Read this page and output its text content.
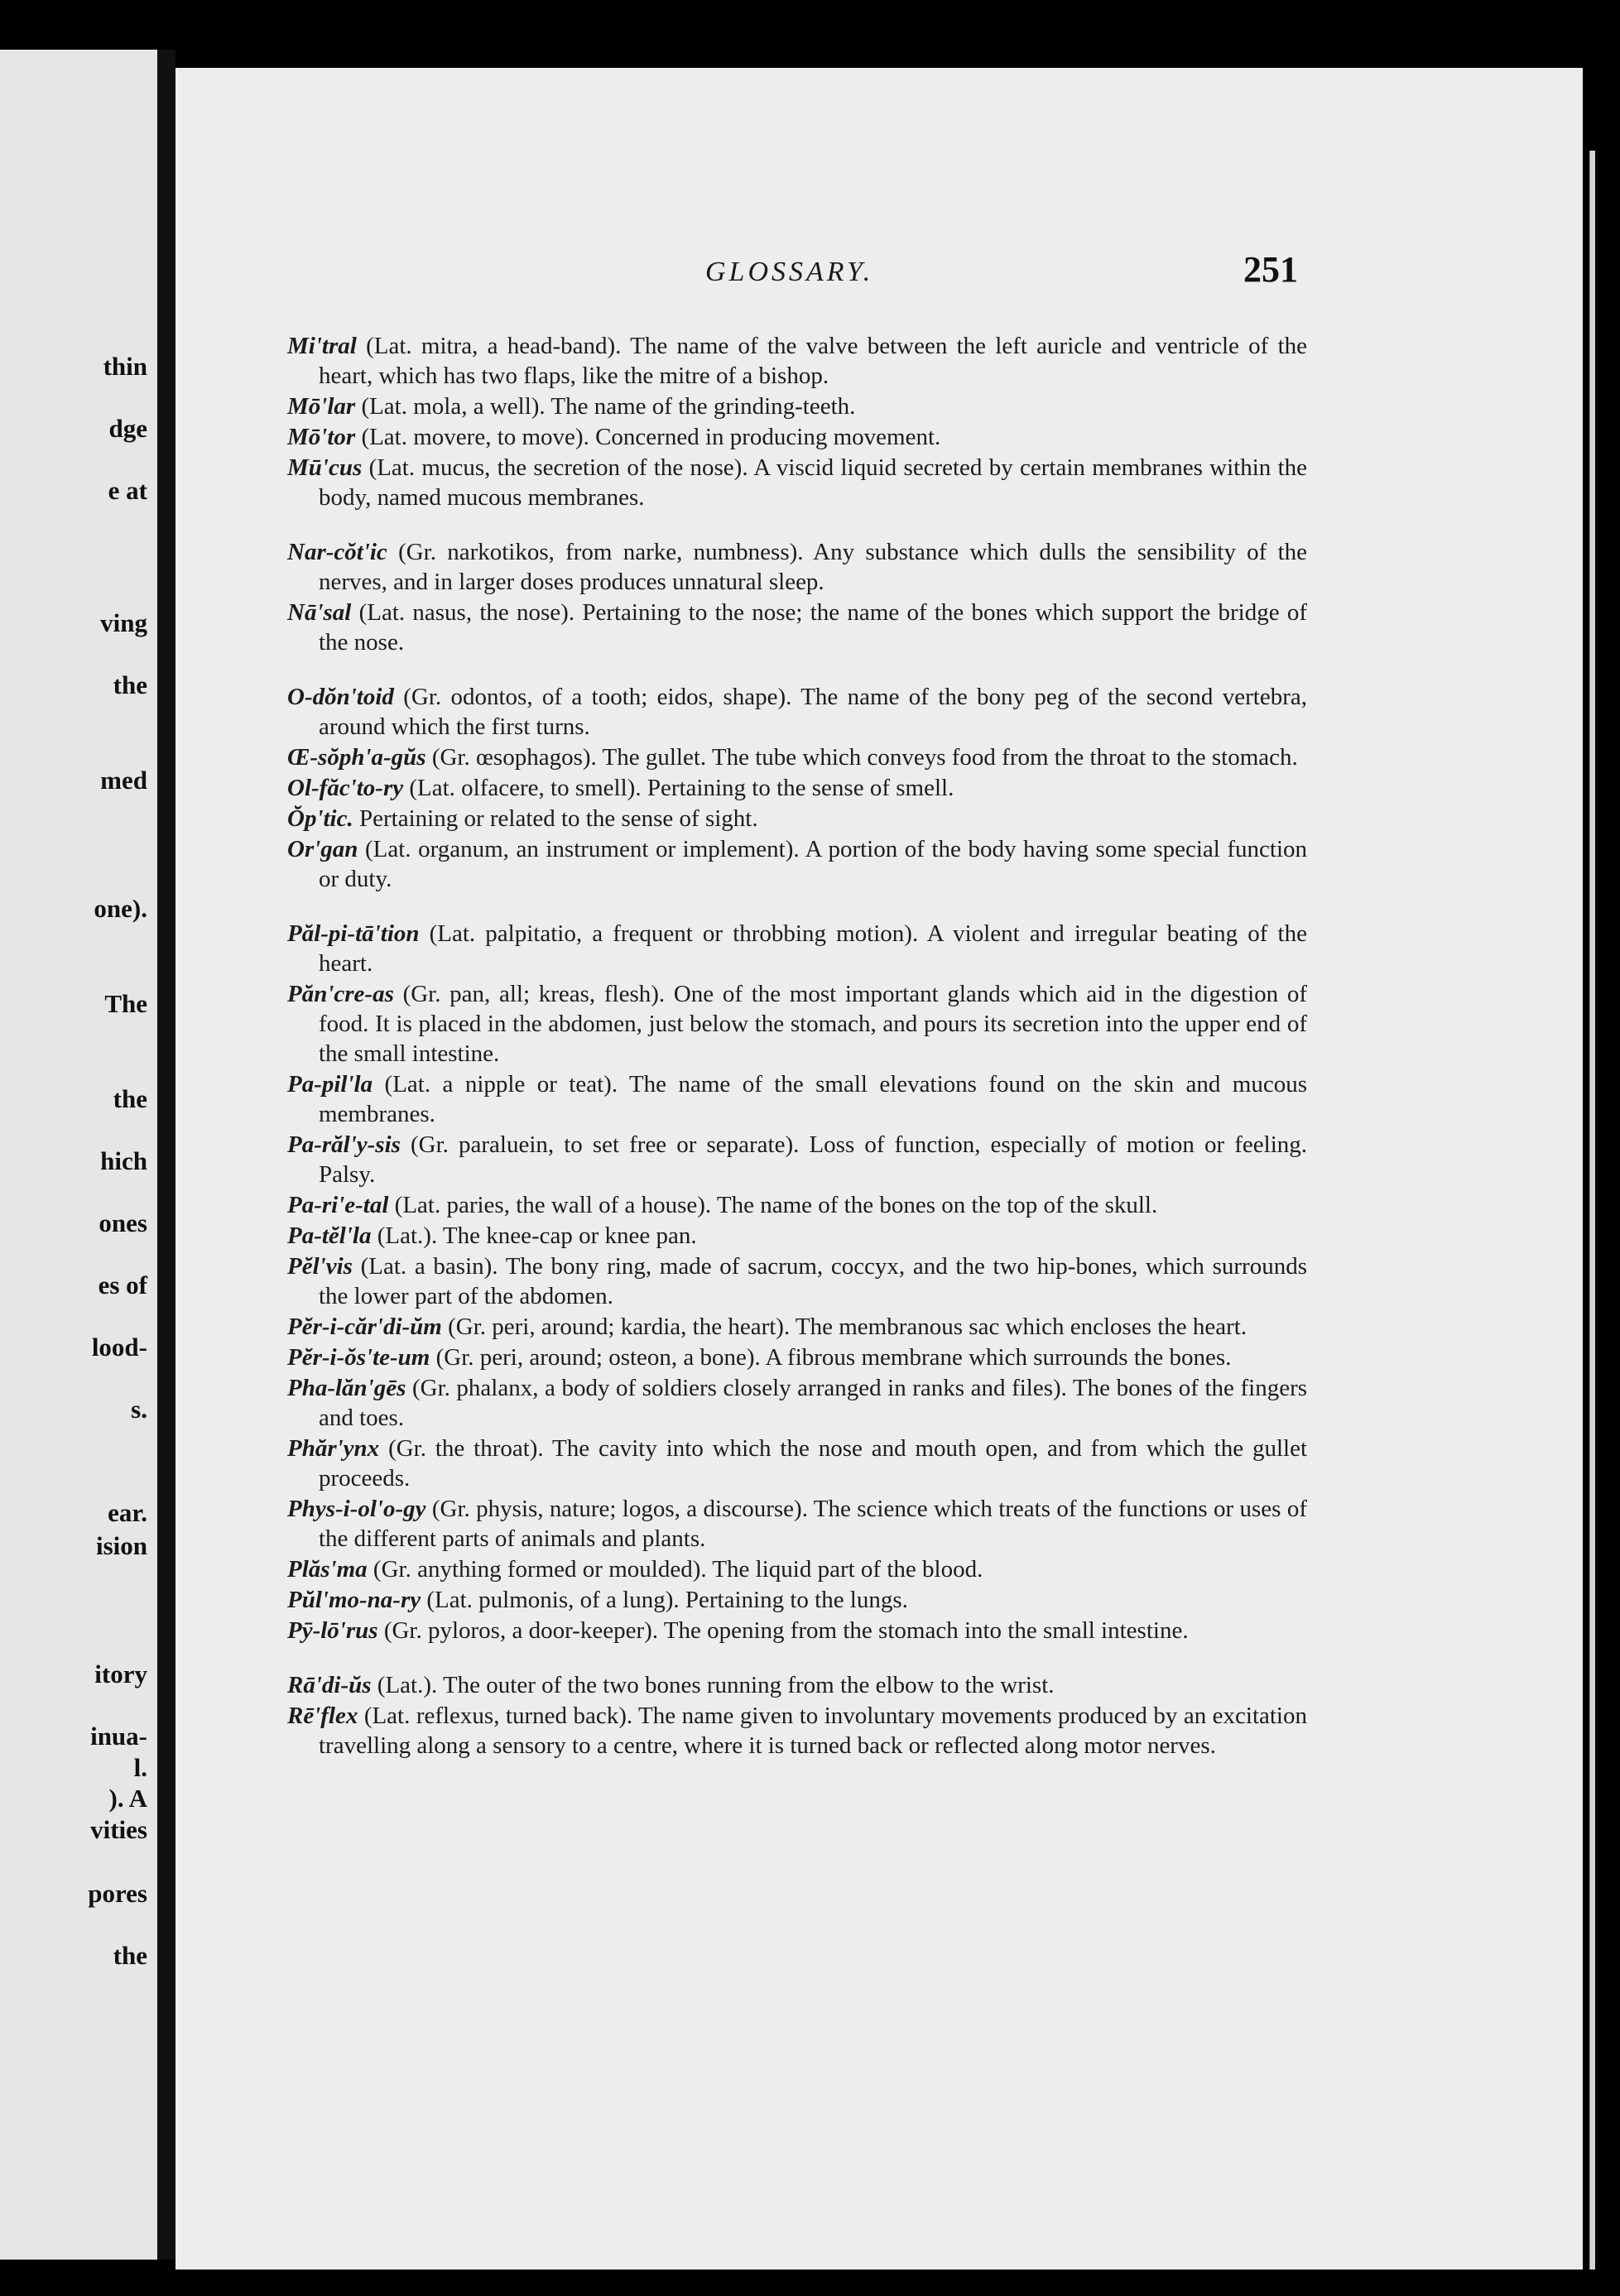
thin
dge
e at
ving
the
med
one).
The
the
hich
ones
es of
lood-
s.
ear.
ision
itory
inua-
l.
). A
vities
pores
the
GLOSSARY.	251
Mi'tral (Lat. mitra, a head-band). The name of the valve between the left auricle and ventricle of the heart, which has two flaps, like the mitre of a bishop.
Mō'lar (Lat. mola, a well). The name of the grinding-teeth.
Mō'tor (Lat. movere, to move). Concerned in producing movement.
Mū'cus (Lat. mucus, the secretion of the nose). A viscid liquid secreted by certain membranes within the body, named mucous membranes.
Nar-cŏt'ic (Gr. narkotikos, from narke, numbness). Any substance which dulls the sensibility of the nerves, and in larger doses produces unnatural sleep.
Nā'sal (Lat. nasus, the nose). Pertaining to the nose; the name of the bones which support the bridge of the nose.
O-dŏn'toid (Gr. odontos, of a tooth; eidos, shape). The name of the bony peg of the second vertebra, around which the first turns.
Œ-sŏph'a-gŭs (Gr. œsophagos). The gullet. The tube which conveys food from the throat to the stomach.
Ol-făc'to-ry (Lat. olfacere, to smell). Pertaining to the sense of smell.
Ŏp'tic. Pertaining or related to the sense of sight.
Or'gan (Lat. organum, an instrument or implement). A portion of the body having some special function or duty.
Păl-pi-tā'tion (Lat. palpitatio, a frequent or throbbing motion). A violent and irregular beating of the heart.
Păn'cre-as (Gr. pan, all; kreas, flesh). One of the most important glands which aid in the digestion of food. It is placed in the abdomen, just below the stomach, and pours its secretion into the upper end of the small intestine.
Pa-pil'la (Lat. a nipple or teat). The name of the small elevations found on the skin and mucous membranes.
Pa-răl'y-sis (Gr. paraluein, to set free or separate). Loss of function, especially of motion or feeling. Palsy.
Pa-ri'e-tal (Lat. paries, the wall of a house). The name of the bones on the top of the skull.
Pa-tĕl'la (Lat.). The knee-cap or knee pan.
Pĕl'vis (Lat. a basin). The bony ring, made of sacrum, coccyx, and the two hip-bones, which surrounds the lower part of the abdomen.
Pĕr-i-căr'di-ŭm (Gr. peri, around; kardia, the heart). The membranous sac which encloses the heart.
Pĕr-i-ŏs'te-um (Gr. peri, around; osteon, a bone). A fibrous membrane which surrounds the bones.
Pha-lăn'gēs (Gr. phalanx, a body of soldiers closely arranged in ranks and files). The bones of the fingers and toes.
Phăr'ynx (Gr. the throat). The cavity into which the nose and mouth open, and from which the gullet proceeds.
Phys-i-ol'o-gy (Gr. physis, nature; logos, a discourse). The science which treats of the functions or uses of the different parts of animals and plants.
Plăs'ma (Gr. anything formed or moulded). The liquid part of the blood.
Pŭl'mo-na-ry (Lat. pulmonis, of a lung). Pertaining to the lungs.
Pȳ-lō'rus (Gr. pyloros, a door-keeper). The opening from the stomach into the small intestine.
Rā'di-ŭs (Lat.). The outer of the two bones running from the elbow to the wrist.
Rē'flex (Lat. reflexus, turned back). The name given to involuntary movements produced by an excitation travelling along a sensory to a centre, where it is turned back or reflected along motor nerves.
